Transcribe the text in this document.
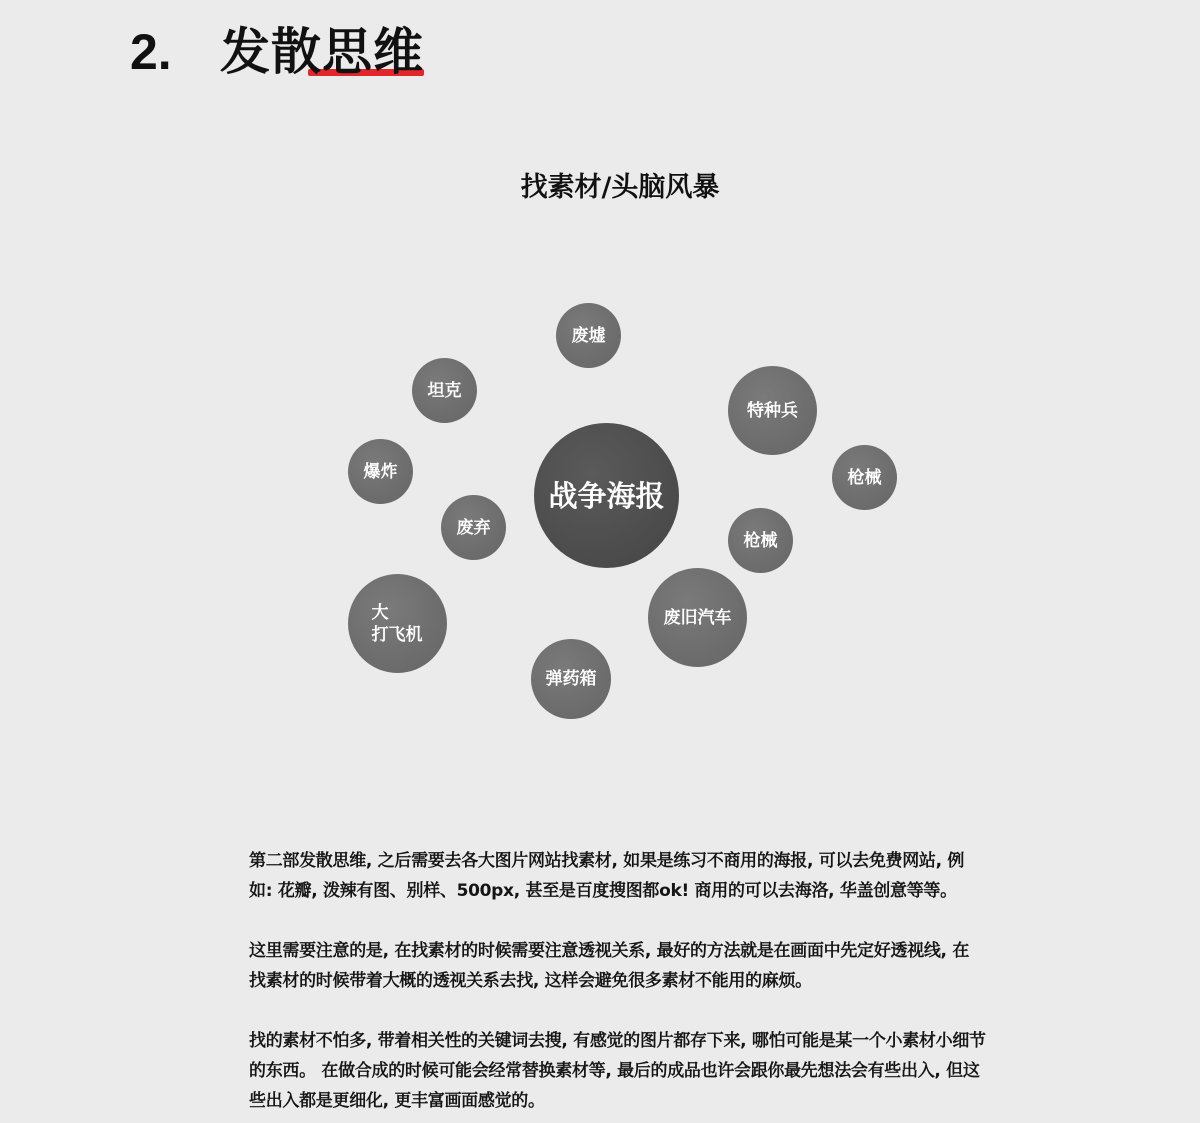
2. 发散思维
找素材/头脑风暴
战争海报
废墟
坦克
特种兵
枪械
爆炸
废弃
枪械
大
打飞机
废旧汽车
弹药箱
第二部发散思维, 之后需要去各大图片网站找素材, 如果是练习不商用的海报, 可以去免费网站, 例
如: 花瓣, 泼辣有图、别样、500px, 甚至是百度搜图都ok! 商用的可以去海洛, 华盖创意等等。
这里需要注意的是, 在找素材的时候需要注意透视关系, 最好的方法就是在画面中先定好透视线, 在
找素材的时候带着大概的透视关系去找, 这样会避免很多素材不能用的麻烦。
找的素材不怕多, 带着相关性的关键词去搜, 有感觉的图片都存下来, 哪怕可能是某一个小素材小细节
的东西。 在做合成的时候可能会经常替换素材等, 最后的成品也许会跟你最先想法会有些出入, 但这
些出入都是更细化, 更丰富画面感觉的。
